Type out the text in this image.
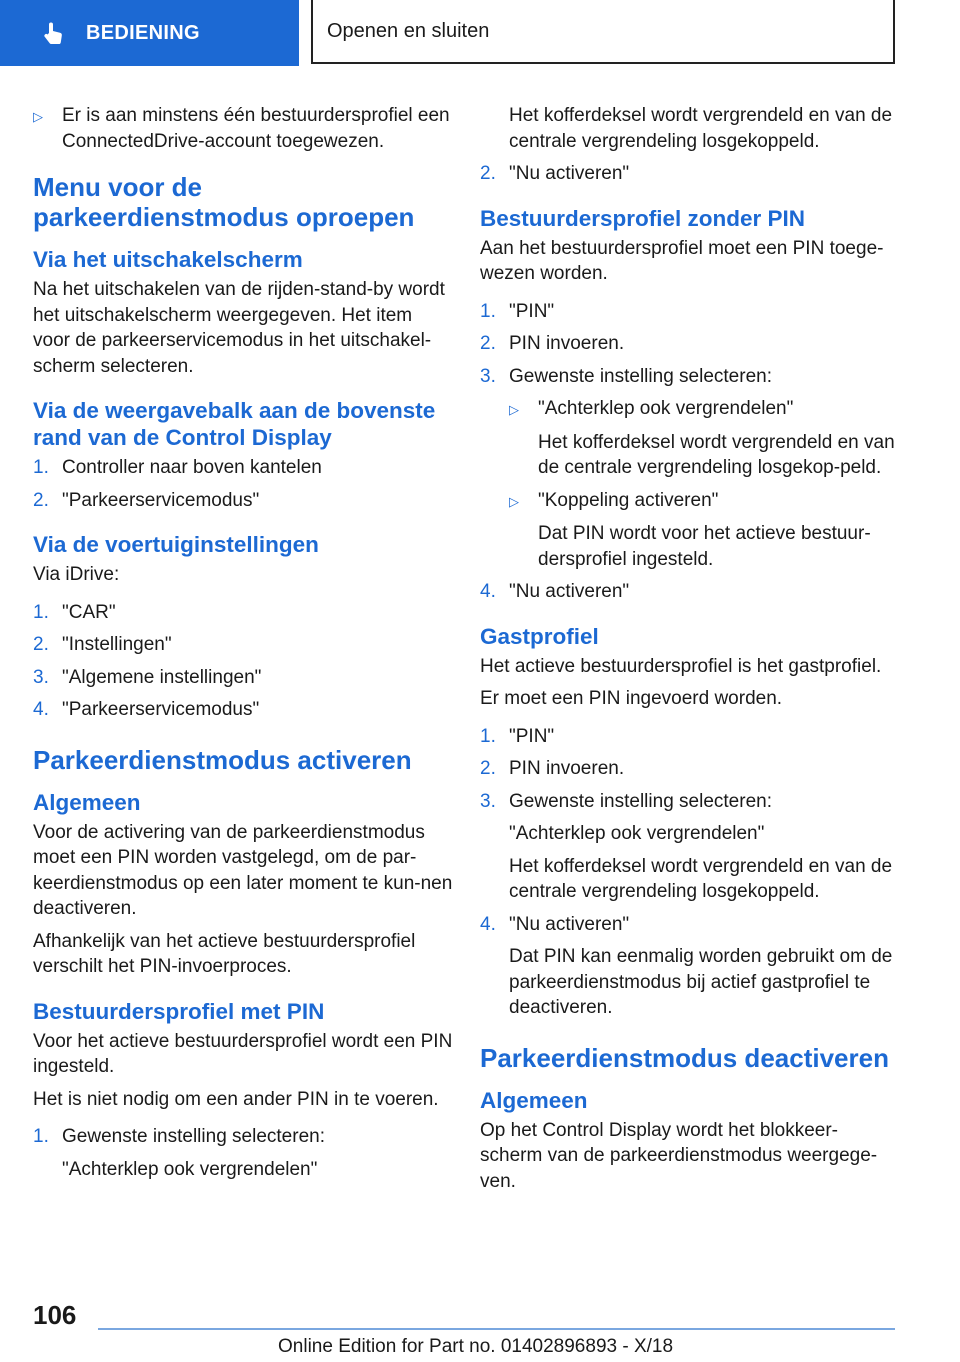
BEDIENING	Openen en sluiten
▷	Er is aan minstens één bestuurdersprofiel een ConnectedDrive-account toegewezen.
Menu voor de parkeerdienstmodus oproepen
Via het uitschakelscherm

Na het uitschakelen van de rijden-stand-by wordt het uitschakelscherm weergegeven. Het item voor de parkeerservicemodus in het uitschakel-scherm selecteren.

Via de weergavebalk aan de bovenste rand van de Control Display
1. Controller naar boven kantelen
2. "Parkeerservicemodus"
Via de voertuiginstellingen

Via iDrive:

1. "CAR"
2. "Instellingen"
3. "Algemene instellingen"
4. "Parkeerservicemodus"
Parkeerdienstmodus activeren
Algemeen

Voor de activering van de parkeerdienstmodus moet een PIN worden vastgelegd, om de par-keerdienstmodus op een later moment te kun-nen deactiveren.

Afhankelijk van het actieve bestuurdersprofiel verschilt het PIN-invoerproces.

Bestuurdersprofiel met PIN

Voor het actieve bestuurdersprofiel wordt een PIN ingesteld.

Het is niet nodig om een ander PIN in te voeren.

1. Gewenste instelling selecteren:
"Achterklep ook vergrendelen"
Het kofferdeksel wordt vergrendeld en van de centrale vergrendeling losgekoppeld.
2. "Nu activeren"
Bestuurdersprofiel zonder PIN

Aan het bestuurdersprofiel moet een PIN toege-wezen worden.

1. "PIN"
2. PIN invoeren.
3. Gewenste instelling selecteren:
▷	"Achterklep ook vergrendelen"
Het kofferdeksel wordt vergrendeld en van de centrale vergrendeling losgekop-peld.
▷	"Koppeling activeren"
Dat PIN wordt voor het actieve bestuur-dersprofiel ingesteld.
4. "Nu activeren"
Gastprofiel

Het actieve bestuurdersprofiel is het gastprofiel.

Er moet een PIN ingevoerd worden.

1. "PIN"
2. PIN invoeren.
3. Gewenste instelling selecteren:
"Achterklep ook vergrendelen"
Het kofferdeksel wordt vergrendeld en van de centrale vergrendeling losgekoppeld.
4. "Nu activeren"
Dat PIN kan eenmalig worden gebruikt om de parkeerdienstmodus bij actief gastprofiel te deactiveren.
Parkeerdienstmodus deactiveren
Algemeen

Op het Control Display wordt het blokkeer-scherm van de parkeerdienstmodus weergege-ven.

106
Online Edition for Part no. 01402896893 - X/18
